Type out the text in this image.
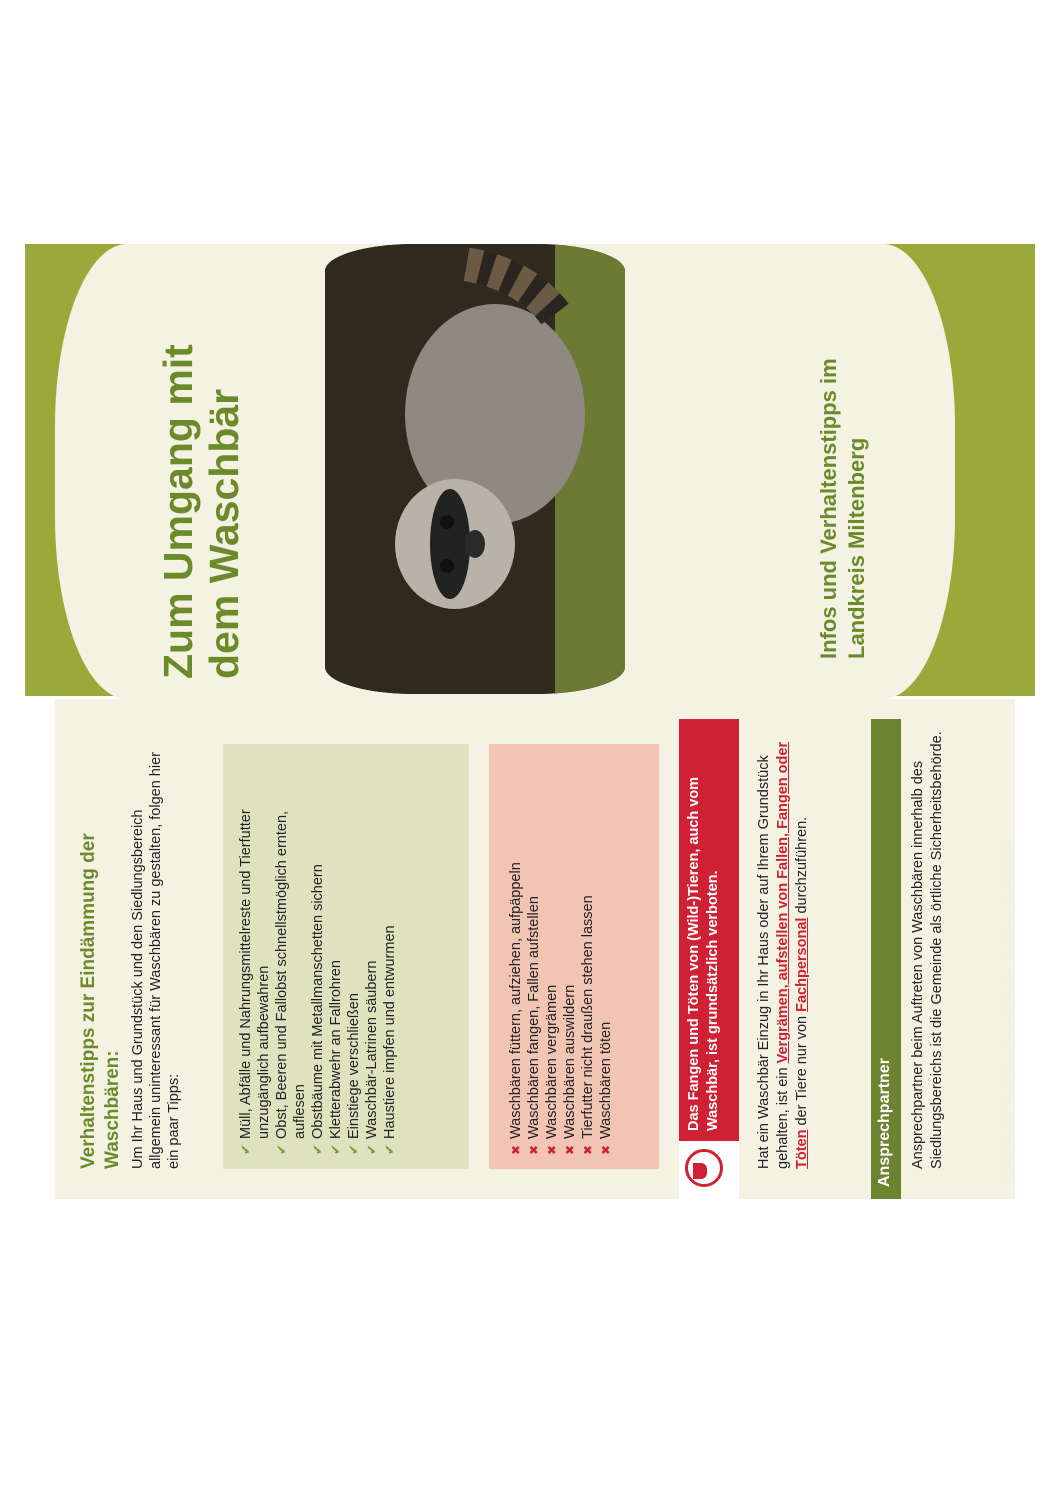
Verhaltenstipps zur Eindämmung der Waschbären: Um Ihr Haus und Grundstück und den Siedlungsbereich allgemein uninteressant für Waschbären zu gestalten, folgen hier ein paar Tipps:	✔ Müll, Abfälle und Nahrungsmittelreste und Tierfutter unzugänglich aufbewahren ✔ Obst, Beeren und Fallobst schnellstmöglich ernten, auflesen ✔ Obstbäume mit Metallmanschetten sichern ✔ Kletterabwehr an Fallrohren ✔ Einstiege verschließen ✔ Waschbär-Latrinen säubern ✔ Haustiere impfen und entwurmen	✖ Waschbären füttern, aufziehen, aufpäppeln ✖ Waschbären fangen, Fallen aufstellen ✖ Waschbären vergrämen ✖ Waschbären auswildern ✖ Tierfutter nicht draußen stehen lassen ✖ Waschbären töten	Das Fangen und Töten von (Wild-)Tieren, auch vom Waschbär, ist grundsätzlich verboten. Hat ein Waschbär Einzug in Ihr Haus oder auf Ihrem Grundstück gehalten, ist ein Vergrämen, aufstellen von Fallen, Fangen oder Töten der Tiere nur von Fachpersonal durchzuführen.
Ansprechpartner Ansprechpartner beim Auftreten von Waschbären innerhalb des Siedlungsbereichs ist die Gemeinde als örtliche Sicherheitsbehörde.	© Titel: Freepik · Travel_Scape, Innenteil: Pixabay · StockSnap · Stand 04/2024
Zum Umgang mit dem Waschbär	Infos und Verhaltenstipps im Landkreis Miltenberg
